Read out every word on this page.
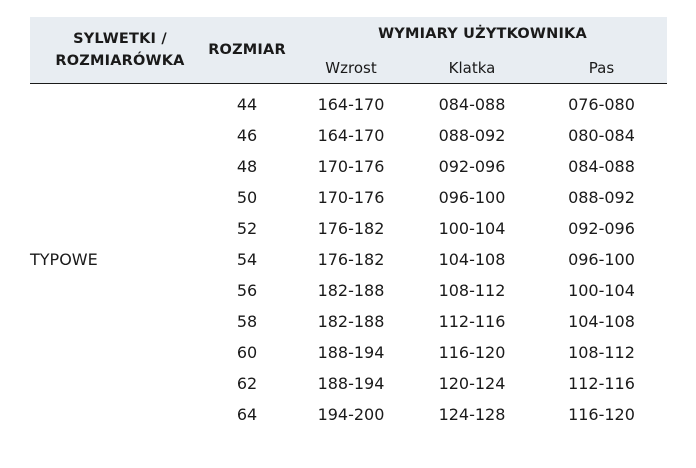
SYLWETKI / ROZMIARÓWKA
ROZMIAR
WYMIARY UŻYTKOWNIKA
Wzrost	Klatka	Pas
TYPOWE
44	164-170	084-088	076-080
46	164-170	088-092	080-084
48	170-176	092-096	084-088
50	170-176	096-100	088-092
52	176-182	100-104	092-096
54	176-182	104-108	096-100
56	182-188	108-112	100-104
58	182-188	112-116	104-108
60	188-194	116-120	108-112
62	188-194	120-124	112-116
64	194-200	124-128	116-120
